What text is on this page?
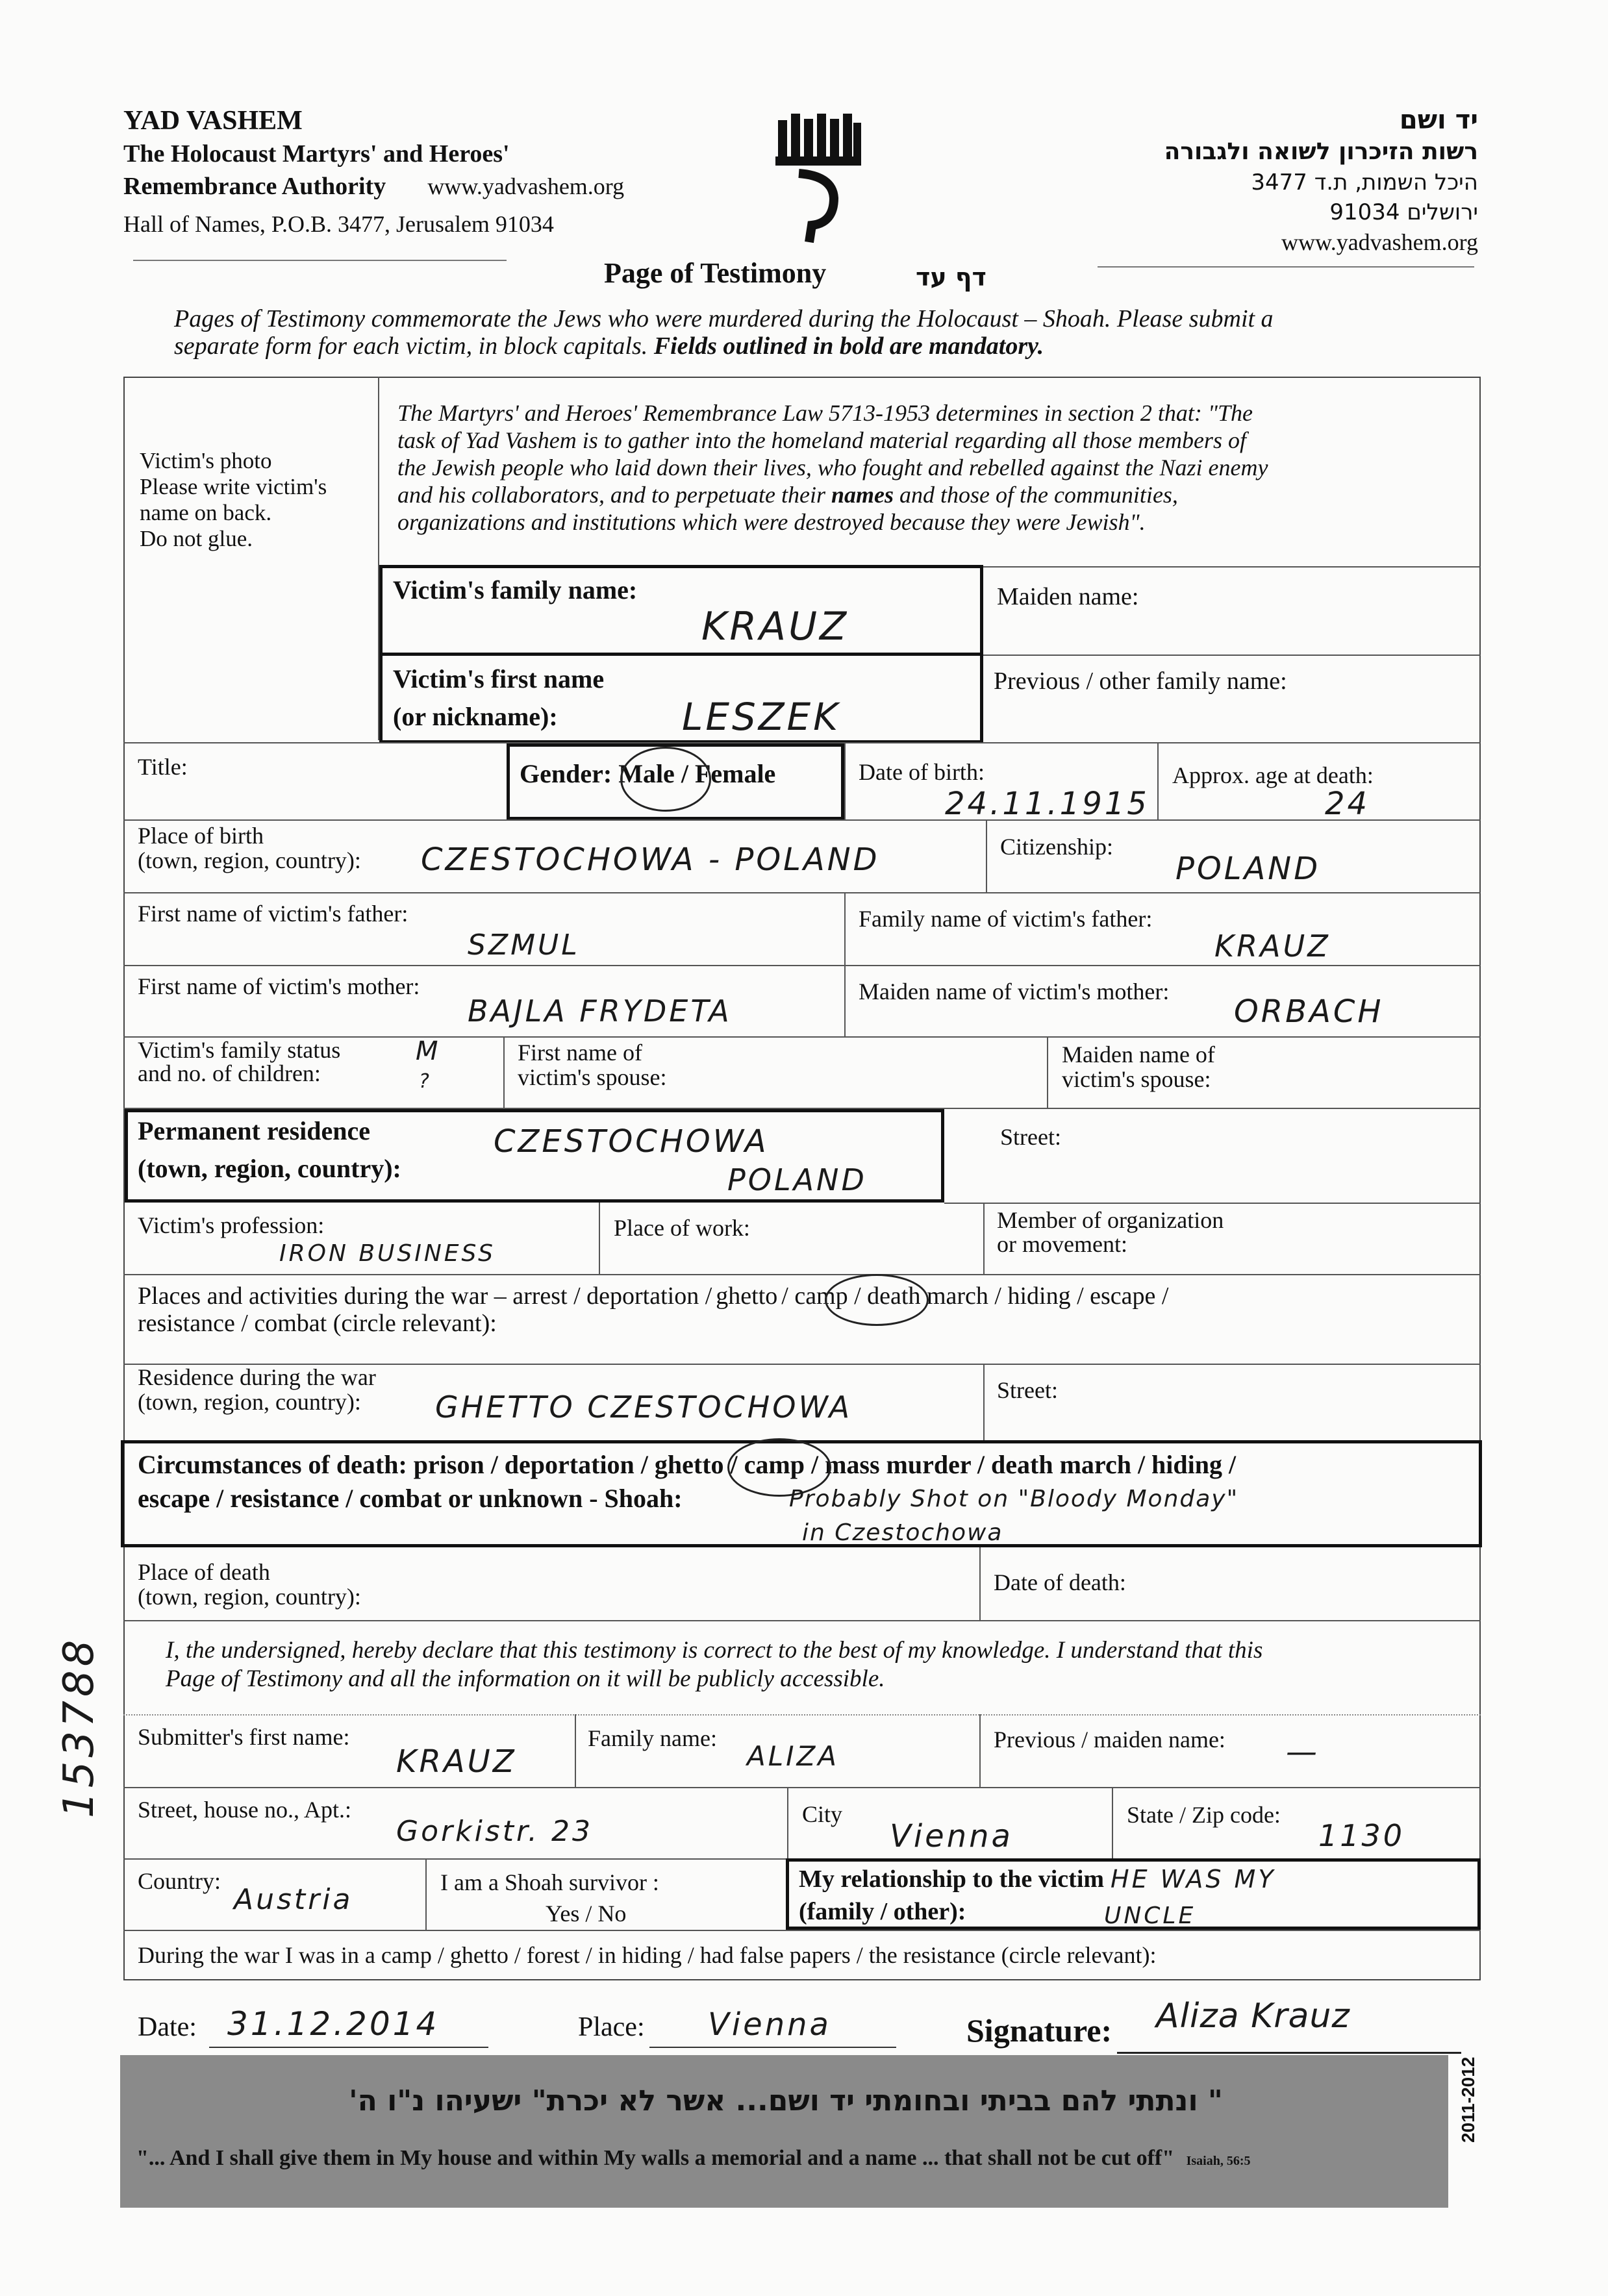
YAD VASHEM
The Holocaust Martyrs' and Heroes'
Remembrance Authority www.yadvashem.org
Hall of Names, P.O.B. 3477, Jerusalem 91034
יד ושם
רשות הזיכרון לשואה ולגבורה
היכל השמות, ת.ד 3477
ירושלים 91034
www.yadvashem.org
Page of Testimony	דף עד
Pages of Testimony commemorate the Jews who were murdered during the Holocaust – Shoah. Please submit a
separate form for each victim, in block capitals. Fields outlined in bold are mandatory.
Victim's photo
Please write victim's
name on back.
Do not glue.
The Martyrs' and Heroes' Remembrance Law 5713-1953 determines in section 2 that: "The
task of Yad Vashem is to gather into the homeland material regarding all those members of
the Jewish people who laid down their lives, who fought and rebelled against the Nazi enemy
and his collaborators, and to perpetuate their names and those of the communities,
organizations and institutions which were destroyed because they were Jewish".
Victim's family name:
KRAUZ
Maiden name:
Victim's first name
(or nickname):	LESZEK
Previous / other family name:
Title:	Gender: Male / Female	Date of birth:
24.11.1915
Approx. age at death:
24
Place of birth
(town, region, country): CZESTOCHOWA - POLAND	Citizenship:
POLAND
First name of victim's father:
SZMUL
Family name of victim's father:
KRAUZ
First name of victim's mother:
BAJLA FRYDETA
Maiden name of victim's mother:
ORBACH
Victim's family status
and no. of children:
M
?
First name of
victim's spouse:
Maiden name of
victim's spouse:
Permanent residence
(town, region, country):
CZESTOCHOWA
POLAND
Street:
Victim's profession:
IRON BUSINESS
Place of work:	Member of organization
or movement:
Places and activities during the war – arrest / deportation / ghetto / camp / death march / hiding / escape /
resistance / combat (circle relevant):
Residence during the war
(town, region, country): GHETTO CZESTOCHOWA	Street:
Circumstances of death: prison / deportation / ghetto / camp / mass murder / death march / hiding /
escape / resistance / combat or unknown - Shoah:	Probably Shot on "Bloody Monday"
in Czestochowa
Place of death
(town, region, country):
Date of death:
I, the undersigned, hereby declare that this testimony is correct to the best of my knowledge. I understand that this
Page of Testimony and all the information on it will be publicly accessible.
Submitter's first name:
KRAUZ
Family name:
ALIZA
Previous / maiden name: —
Street, house no., Apt.:
Gorkistr. 23
City
Vienna
State / Zip code:
1130
Country:
Austria
I am a Shoah survivor :
Yes / No
My relationship to the victim
(family / other):
HE WAS MY
UNCLE
During the war I was in a camp / ghetto / forest / in hiding / had false papers / the resistance (circle relevant):
Date: 31.12.2014	Place: Vienna	Signature: Aliza Krauz
" ונתתי להם בביתי ובחומתי יד ושם... אשר לא יכרת" ישעיהו נ"ו ה'
"... And I shall give them in My house and within My walls a memorial and a name ... that shall not be cut off" Isaiah, 56:5
2011-2012
153788
